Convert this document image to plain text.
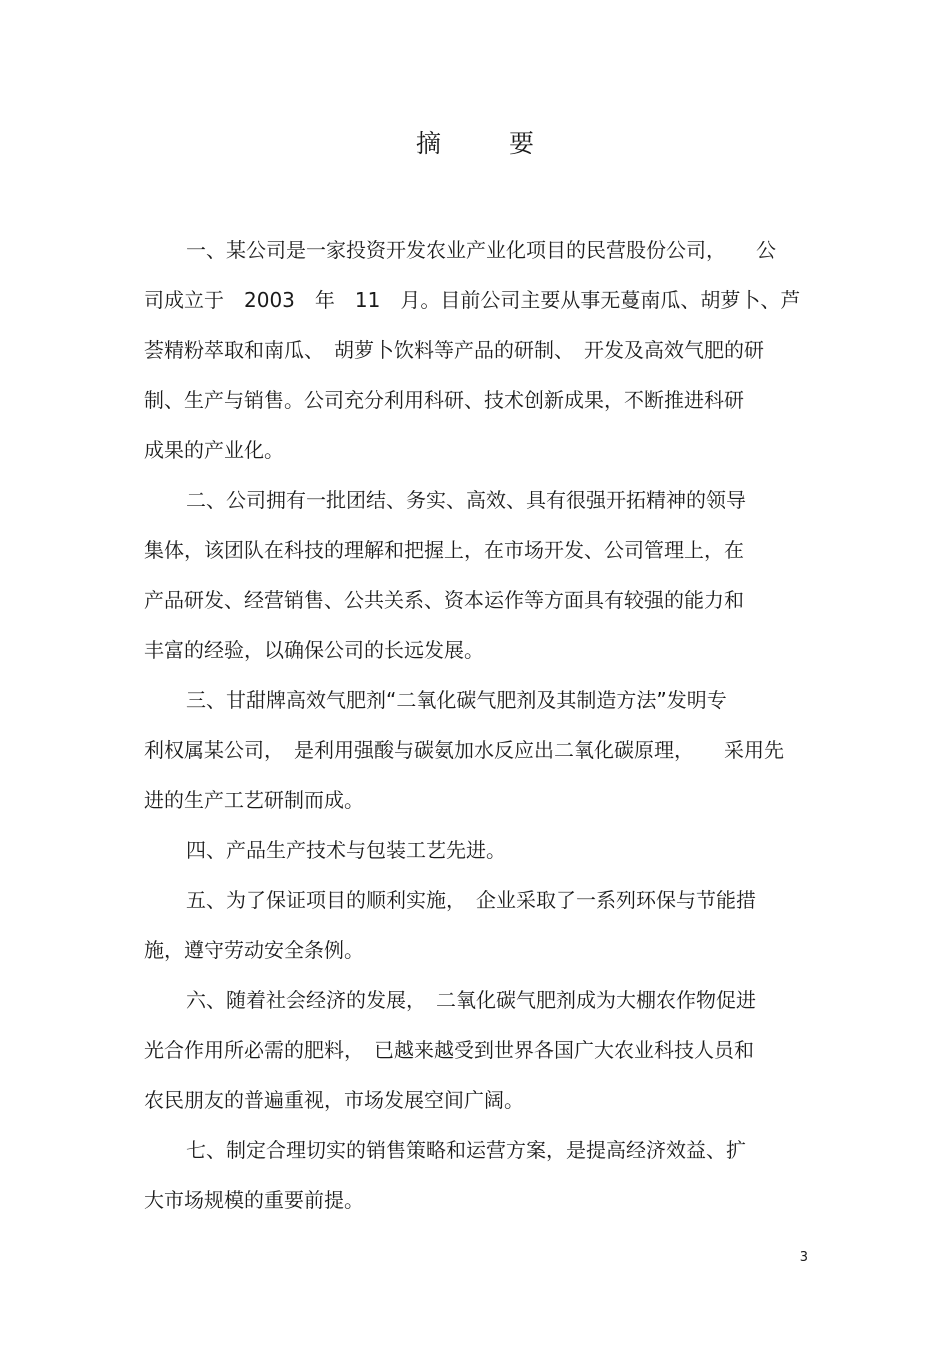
摘 要

一、某公司是一家投资开发农业产业化项目的民营股份公司，　　公
司成立于　2003　年　11　月。目前公司主要从事无蔓南瓜、胡萝卜、芦
荟精粉萃取和南瓜、　胡萝卜饮料等产品的研制、　开发及高效气肥的研
制、生产与销售。公司充分利用科研、技术创新成果，不断推进科研
成果的产业化。

二、公司拥有一批团结、务实、高效、具有很强开拓精神的领导
集体，该团队在科技的理解和把握上，在市场开发、公司管理上，在
产品研发、经营销售、公共关系、资本运作等方面具有较强的能力和
丰富的经验，以确保公司的长远发展。

三、甘甜牌高效气肥剂“二氧化碳气肥剂及其制造方法”发明专
利权属某公司，　是利用强酸与碳氨加水反应出二氧化碳原理，　　采用先
进的生产工艺研制而成。

四、产品生产技术与包装工艺先进。

五、为了保证项目的顺利实施，　企业采取了一系列环保与节能措
施，遵守劳动安全条例。

六、随着社会经济的发展，　二氧化碳气肥剂成为大棚农作物促进
光合作用所必需的肥料，　已越来越受到世界各国广大农业科技人员和
农民朋友的普遍重视，市场发展空间广阔。

七、制定合理切实的销售策略和运营方案，是提高经济效益、扩
大市场规模的重要前提。

3
